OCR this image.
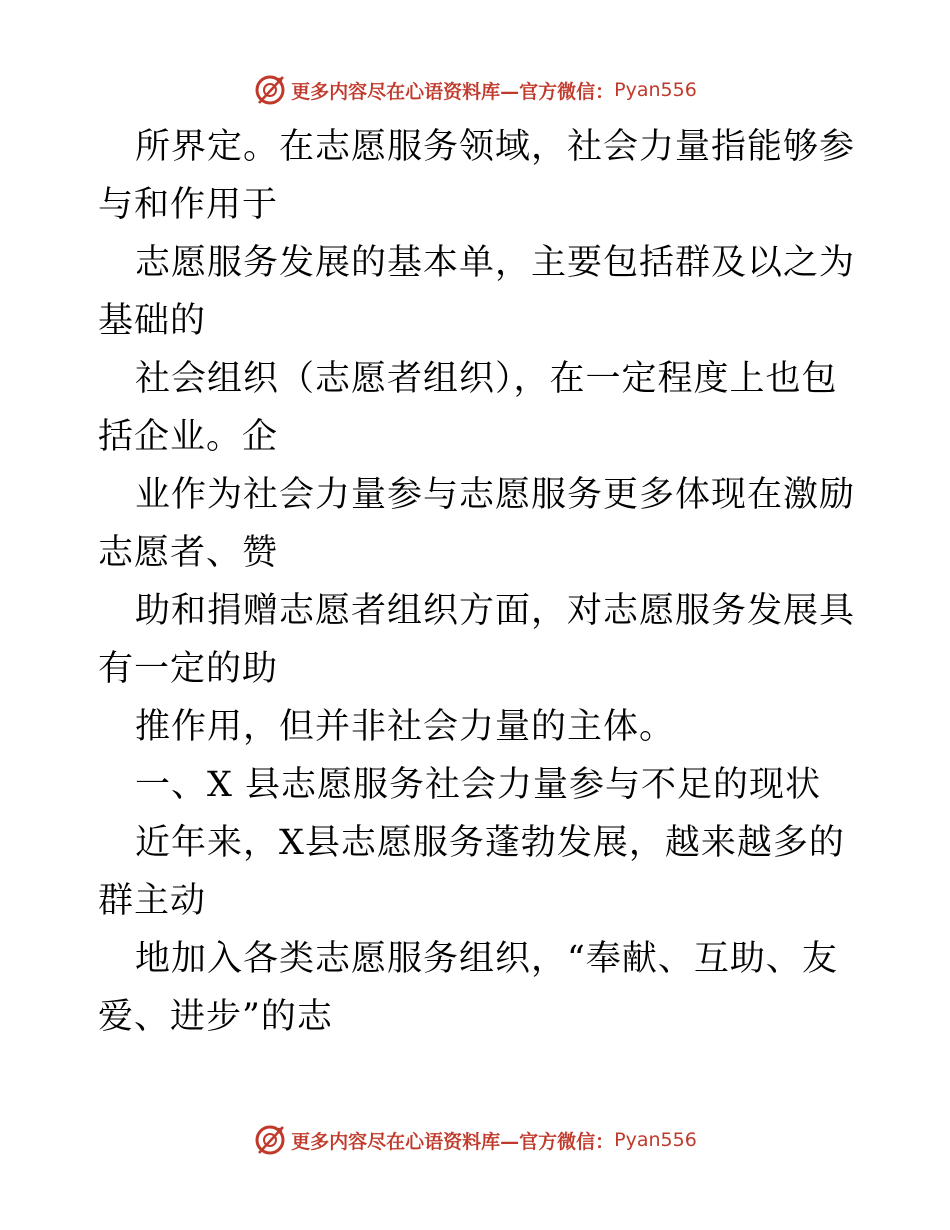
更多内容尽在心语资料库—官方微信： Pyan556

所界定。在志愿服务领域，社会力量指能够参与和作用于

志愿服务发展的基本单，主要包括群及以之为基础的

社会组织（志愿者组织），在一定程度上也包括企业。企

业作为社会力量参与志愿服务更多体现在激励志愿者、赞

助和捐赠志愿者组织方面，对志愿服务发展具有一定的助

推作用，但并非社会力量的主体。

一、X 县志愿服务社会力量参与不足的现状

近年来，X县志愿服务蓬勃发展，越来越多的群主动

地加入各类志愿服务组织，“奉献、互助、友爱、进步”的志

更多内容尽在心语资料库—官方微信： Pyan556
